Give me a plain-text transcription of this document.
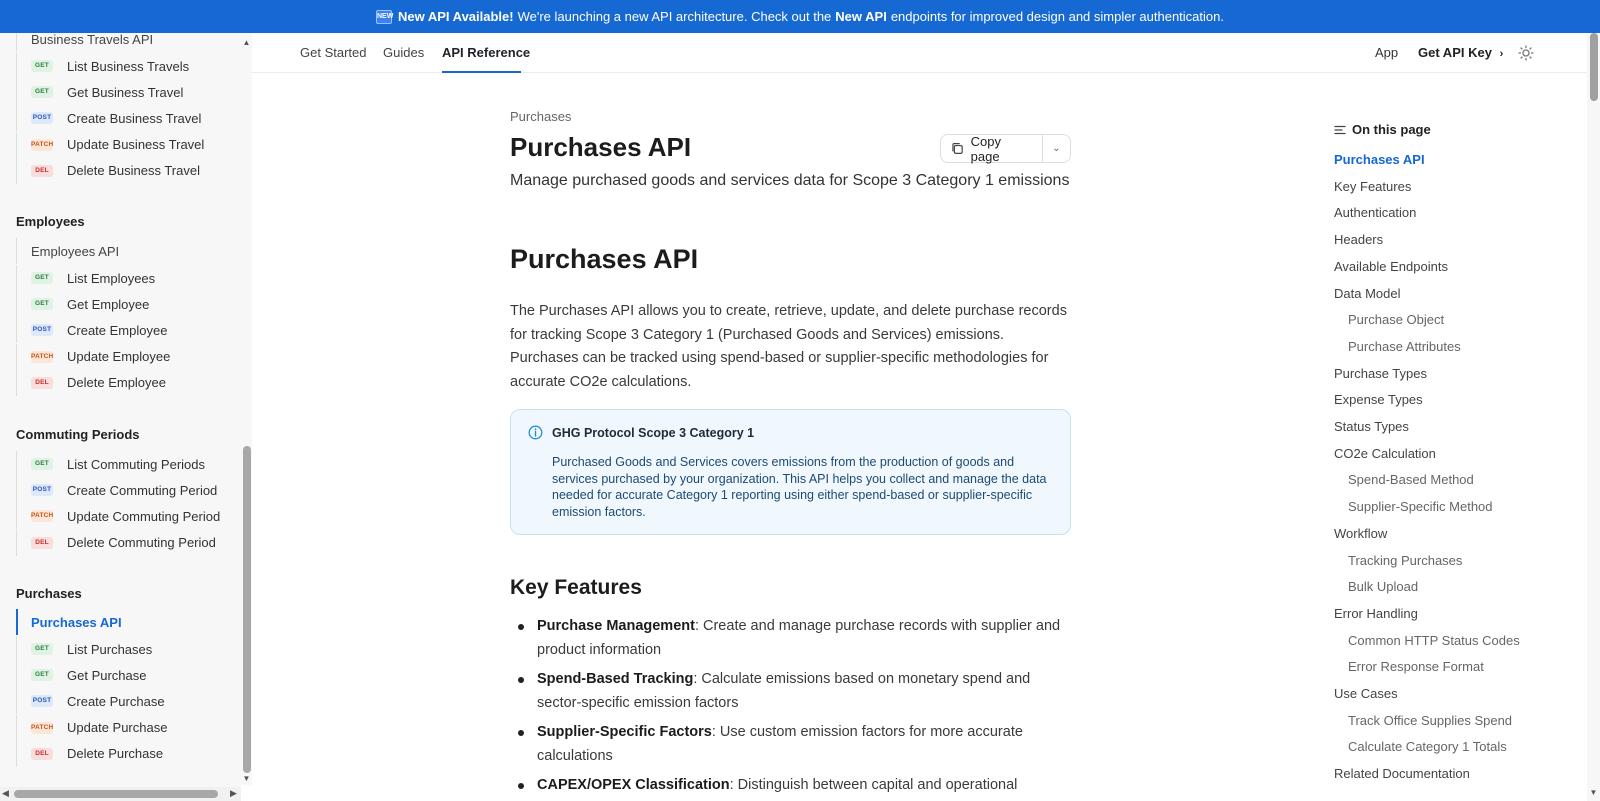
NEW New API Available! We're launching a new API architecture. Check out the New API endpoints for improved design and simpler authentication.
Business Travels API
GET	List Business Travels
GET	Get Business Travel
POST Create Business Travel
PATCH Update Business Travel
DEL	Delete Business Travel
Employees
Employees API
GET	List Employees
GET	Get Employee
POST Create Employee
PATCH Update Employee
DEL	Delete Employee
Commuting Periods
GET	List Commuting Periods
POST Create Commuting Period
PATCH Update Commuting Period
DEL	Delete Commuting Period
Purchases
Purchases API
GET	List Purchases
GET	Get Purchase
POST Create Purchase
PATCH Update Purchase
DEL	Delete Purchase
▲
▼
◀	▶
Get Started Guides API Reference	App Get API Key ›
Purchases
Purchases API	Copy page	⌄
Manage purchased goods and services data for Scope 3 Category 1 emissions
Purchases API

The Purchases API allows you to create, retrieve, update, and delete purchase records for tracking Scope 3 Category 1 (Purchased Goods and Services) emissions. Purchases can be tracked using spend-based or supplier-specific methodologies for accurate CO2e calculations.

GHG Protocol Scope 3 Category 1
Purchased Goods and Services covers emissions from the production of goods and services purchased by your organization. This API helps you collect and manage the data needed for accurate Category 1 reporting using either spend-based or supplier-specific emission factors.
Key Features
Purchase Management: Create and manage purchase records with supplier and product information
Spend-Based Tracking: Calculate emissions based on monetary spend and sector-specific emission factors
Supplier-Specific Factors: Use custom emission factors for more accurate calculations
CAPEX/OPEX Classification: Distinguish between capital and operational
On this page
Purchases API
Key Features
Authentication
Headers
Available Endpoints
Data Model
Purchase Object
Purchase Attributes
Purchase Types
Expense Types
Status Types
CO2e Calculation
Spend-Based Method
Supplier-Specific Method
Workflow
Tracking Purchases
Bulk Upload
Error Handling
Common HTTP Status Codes
Error Response Format
Use Cases
Track Office Supplies Spend
Calculate Category 1 Totals
Related Documentation
▼
